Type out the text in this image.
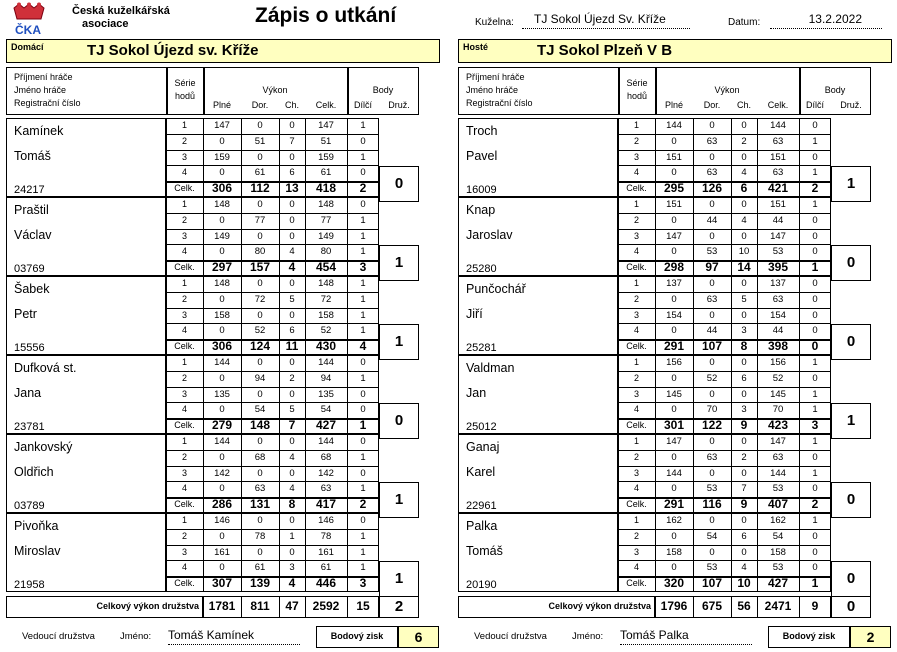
ČKA
Česká kuželkářská
asociace	Zápis o utkání	Kuželna:	TJ Sokol Újezd Sv. Kříže	Datum:	13.2.2022
Domácí	TJ Sokol Újezd sv. Kříže	Hosté	TJ Sokol Plzeň V B
Příjmení hráče
Jméno hráče
Registrační číslo
Série
hodů
Výkon	Body
Plné	Dor.	Ch.	Celk.	Dílčí	Druž.
Kamínek
Tomáš
24217
1	147	0	0	147	1
2	0	51	7	51	0
3	159	0	0	159	1
4	0	61	6	61	0
Celk.	306	112	13	418	2	0
Praštil
Václav
03769
1	148	0	0	148	0
2	0	77	0	77	1
3	149	0	0	149	1
4	0	80	4	80	1
Celk.	297	157	4	454	3	1
Šabek
Petr
15556
1	148	0	0	148	1
2	0	72	5	72	1
3	158	0	0	158	1
4	0	52	6	52	1
Celk.	306	124	11	430	4	1
Dufková st.
Jana
23781
1	144	0	0	144	0
2	0	94	2	94	1
3	135	0	0	135	0
4	0	54	5	54	0
Celk.	279	148	7	427	1	0
Jankovský
Oldřich
03789
1	144	0	0	144	0
2	0	68	4	68	1
3	142	0	0	142	0
4	0	63	4	63	1
Celk.	286	131	8	417	2	1
Pivoňka
Miroslav
21958
1	146	0	0	146	0
2	0	78	1	78	1
3	161	0	0	161	1
4	0	61	3	61	1
Celk.	307	139	4	446	3	1
Celkový výkon družstva 1781	811	47	2592	15	2
Vedoucí družstva	Jméno: Tomáš Kamínek	Bodový zisk	6
Příjmení hráče
Jméno hráče
Registrační číslo
Série
hodů
Výkon	Body
Plné	Dor.	Ch.	Celk.	Dílčí	Druž.
Troch
Pavel
16009
1	144	0	0	144	0
2	0	63	2	63	1
3	151	0	0	151	0
4	0	63	4	63	1
Celk.	295	126	6	421	2	1
Knap
Jaroslav
25280
1	151	0	0	151	1
2	0	44	4	44	0
3	147	0	0	147	0
4	0	53	10	53	0
Celk.	298	97	14	395	1	0
Punčochář
Jiří
25281
1	137	0	0	137	0
2	0	63	5	63	0
3	154	0	0	154	0
4	0	44	3	44	0
Celk.	291	107	8	398	0	0
Valdman
Jan
25012
1	156	0	0	156	1
2	0	52	6	52	0
3	145	0	0	145	1
4	0	70	3	70	1
Celk.	301	122	9	423	3	1
Ganaj
Karel
22961
1	147	0	0	147	1
2	0	63	2	63	0
3	144	0	0	144	1
4	0	53	7	53	0
Celk.	291	116	9	407	2	0
Palka
Tomáš
20190
1	162	0	0	162	1
2	0	54	6	54	0
3	158	0	0	158	0
4	0	53	4	53	0
Celk.	320	107	10	427	1	0
Celkový výkon družstva 1796	675	56	2471	9	0
Vedoucí družstva	Jméno: Tomáš Palka	Bodový zisk	2
